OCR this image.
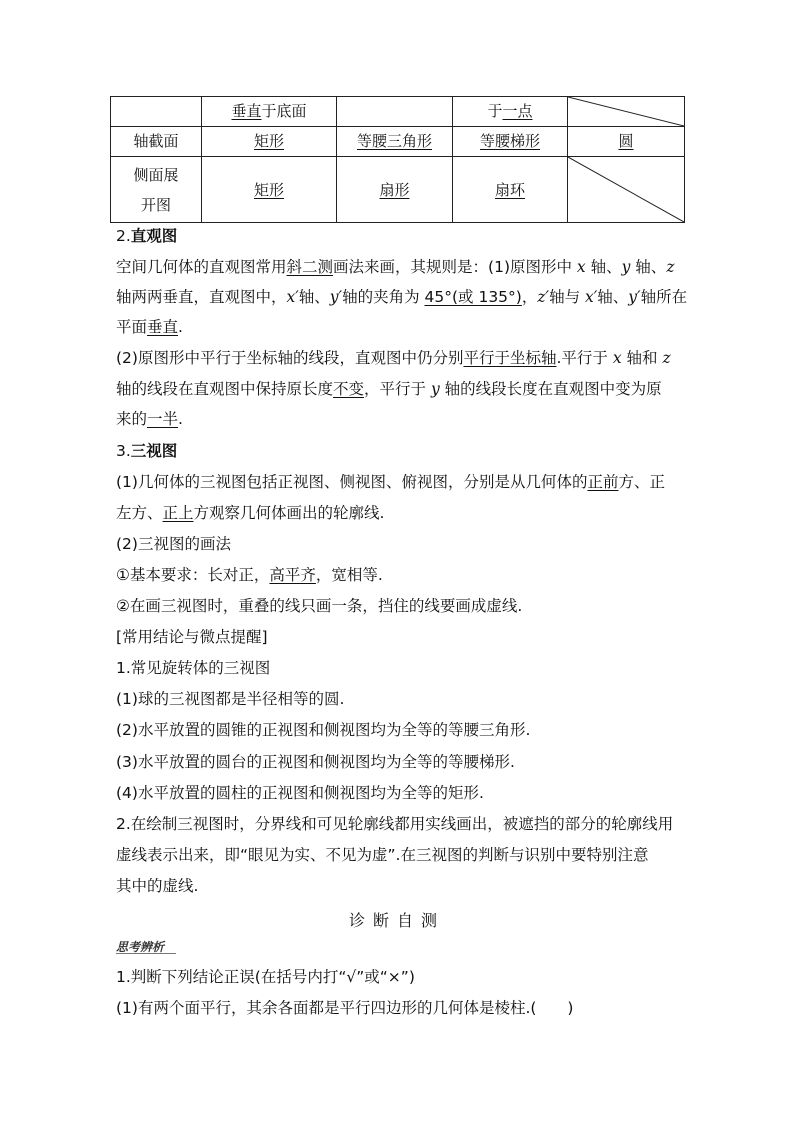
	垂直于底面		于一点	

轴截面	矩形	等腰三角形	等腰梯形	圆
侧面展
开图	矩形	扇形	扇环	
2.直观图
空间几何体的直观图常用斜二测画法来画，其规则是：(1)原图形中 x 轴、y 轴、z
轴两两垂直，直观图中，x′轴、y′轴的夹角为 45°(或 135°)，z′轴与 x′轴、y′轴所在
平面垂直.
(2)原图形中平行于坐标轴的线段，直观图中仍分别平行于坐标轴.平行于 x 轴和 z
轴的线段在直观图中保持原长度不变，平行于 y 轴的线段长度在直观图中变为原
来的一半.
3.三视图
(1)几何体的三视图包括正视图、侧视图、俯视图，分别是从几何体的正前方、正
左方、正上方观察几何体画出的轮廓线.
(2)三视图的画法
①基本要求：长对正，高平齐，宽相等.
②在画三视图时，重叠的线只画一条，挡住的线要画成虚线.
[常用结论与微点提醒]
1.常见旋转体的三视图
(1)球的三视图都是半径相等的圆.
(2)水平放置的圆锥的正视图和侧视图均为全等的等腰三角形.
(3)水平放置的圆台的正视图和侧视图均为全等的等腰梯形.
(4)水平放置的圆柱的正视图和侧视图均为全等的矩形.
2.在绘制三视图时，分界线和可见轮廓线都用实线画出，被遮挡的部分的轮廓线用
虚线表示出来，即“眼见为实、不见为虚”.在三视图的判断与识别中要特别注意
其中的虚线.
诊断自测
思考辨析
1.判断下列结论正误(在括号内打“√”或“×”)
(1)有两个面平行，其余各面都是平行四边形的几何体是棱柱.(　　)
